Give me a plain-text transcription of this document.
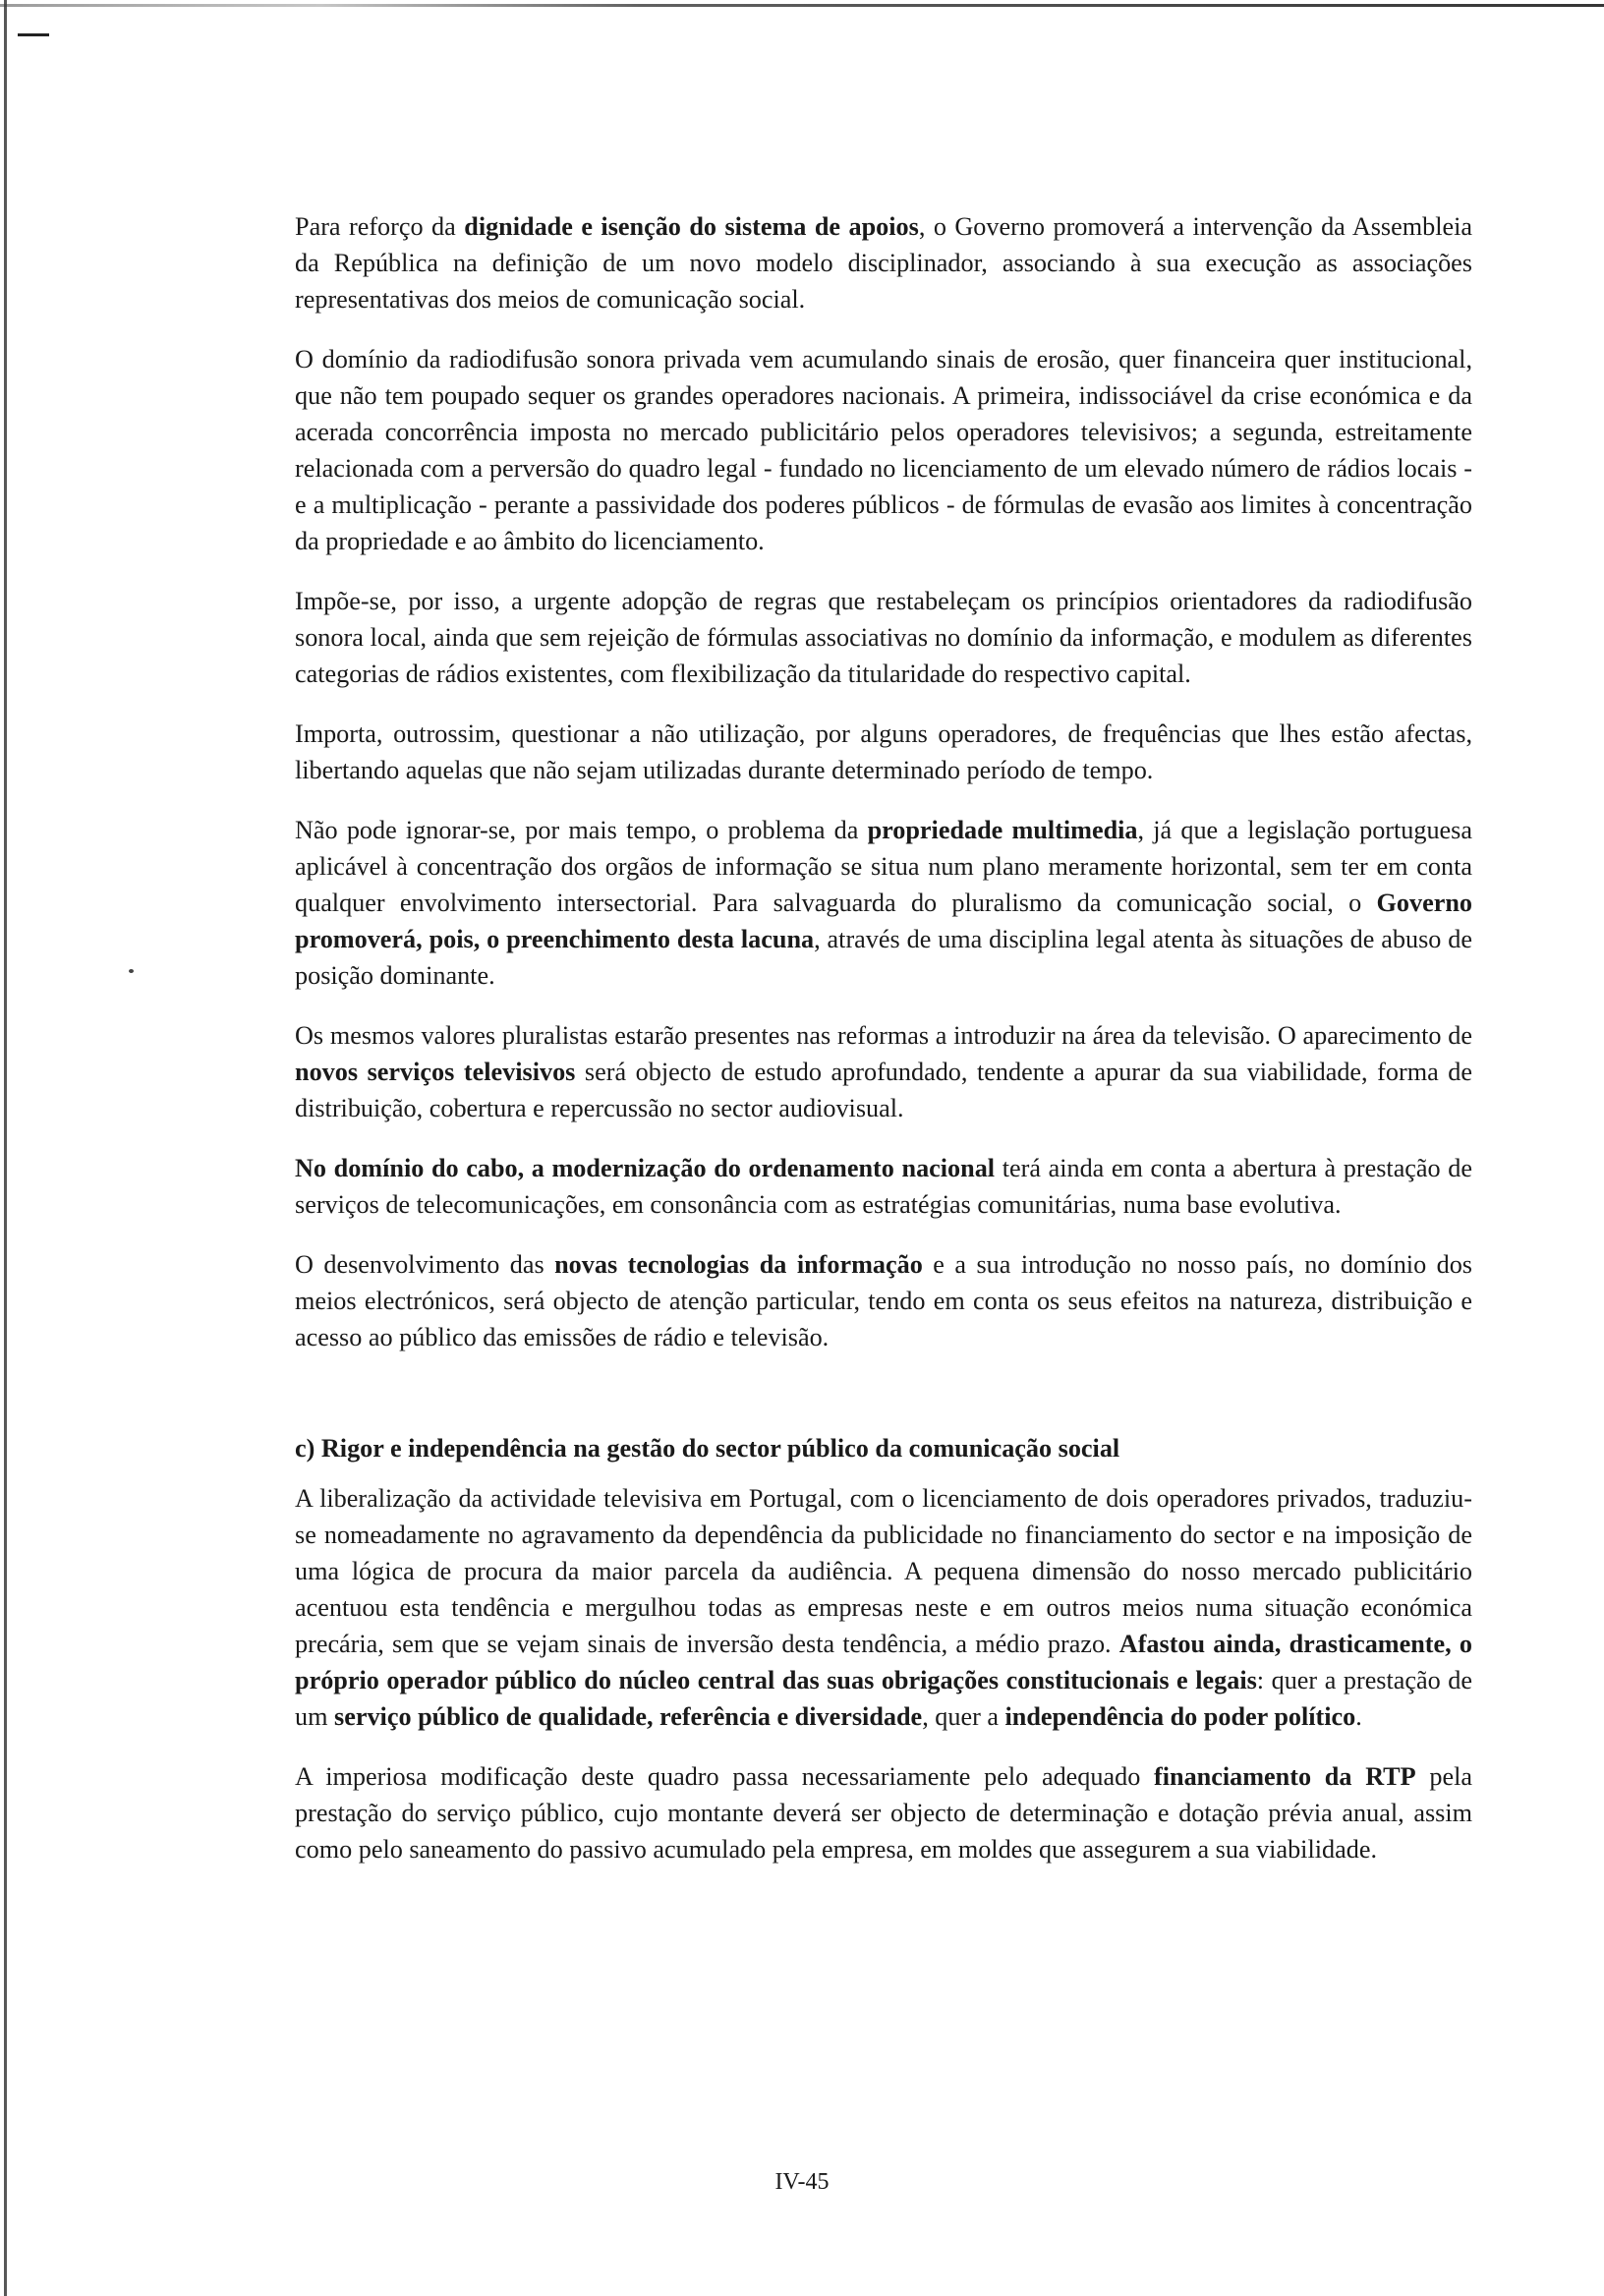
Para reforço da dignidade e isenção do sistema de apoios, o Governo promoverá a intervenção da Assembleia da República na definição de um novo modelo disciplinador, associando à sua execução as associações representativas dos meios de comunicação social.

O domínio da radiodifusão sonora privada vem acumulando sinais de erosão, quer financeira quer institucional, que não tem poupado sequer os grandes operadores nacionais. A primeira, indissociável da crise económica e da acerada concorrência imposta no mercado publicitário pelos operadores televisivos; a segunda, estreitamente relacionada com a perversão do quadro legal - fundado no licenciamento de um elevado número de rádios locais - e a multiplicação - perante a passividade dos poderes públicos - de fórmulas de evasão aos limites à concentração da propriedade e ao âmbito do licenciamento.

Impõe-se, por isso, a urgente adopção de regras que restabeleçam os princípios orientadores da radiodifusão sonora local, ainda que sem rejeição de fórmulas associativas no domínio da informação, e modulem as diferentes categorias de rádios existentes, com flexibilização da titularidade do respectivo capital.

Importa, outrossim, questionar a não utilização, por alguns operadores, de frequências que lhes estão afectas, libertando aquelas que não sejam utilizadas durante determinado período de tempo.

Não pode ignorar-se, por mais tempo, o problema da propriedade multimedia, já que a legislação portuguesa aplicável à concentração dos orgãos de informação se situa num plano meramente horizontal, sem ter em conta qualquer envolvimento intersectorial. Para salvaguarda do pluralismo da comunicação social, o Governo promoverá, pois, o preenchimento desta lacuna, através de uma disciplina legal atenta às situações de abuso de posição dominante.

Os mesmos valores pluralistas estarão presentes nas reformas a introduzir na área da televisão. O aparecimento de novos serviços televisivos será objecto de estudo aprofundado, tendente a apurar da sua viabilidade, forma de distribuição, cobertura e repercussão no sector audiovisual.

No domínio do cabo, a modernização do ordenamento nacional terá ainda em conta a abertura à prestação de serviços de telecomunicações, em consonância com as estratégias comunitárias, numa base evolutiva.

O desenvolvimento das novas tecnologias da informação e a sua introdução no nosso país, no domínio dos meios electrónicos, será objecto de atenção particular, tendo em conta os seus efeitos na natureza, distribuição e acesso ao público das emissões de rádio e televisão.

c) Rigor e independência na gestão do sector público da comunicação social

A liberalização da actividade televisiva em Portugal, com o licenciamento de dois operadores privados, traduziu-se nomeadamente no agravamento da dependência da publicidade no financiamento do sector e na imposição de uma lógica de procura da maior parcela da audiência. A pequena dimensão do nosso mercado publicitário acentuou esta tendência e mergulhou todas as empresas neste e em outros meios numa situação económica precária, sem que se vejam sinais de inversão desta tendência, a médio prazo. Afastou ainda, drasticamente, o próprio operador público do núcleo central das suas obrigações constitucionais e legais: quer a prestação de um serviço público de qualidade, referência e diversidade, quer a independência do poder político.

A imperiosa modificação deste quadro passa necessariamente pelo adequado financiamento da RTP pela prestação do serviço público, cujo montante deverá ser objecto de determinação e dotação prévia anual, assim como pelo saneamento do passivo acumulado pela empresa, em moldes que assegurem a sua viabilidade.

IV-45
